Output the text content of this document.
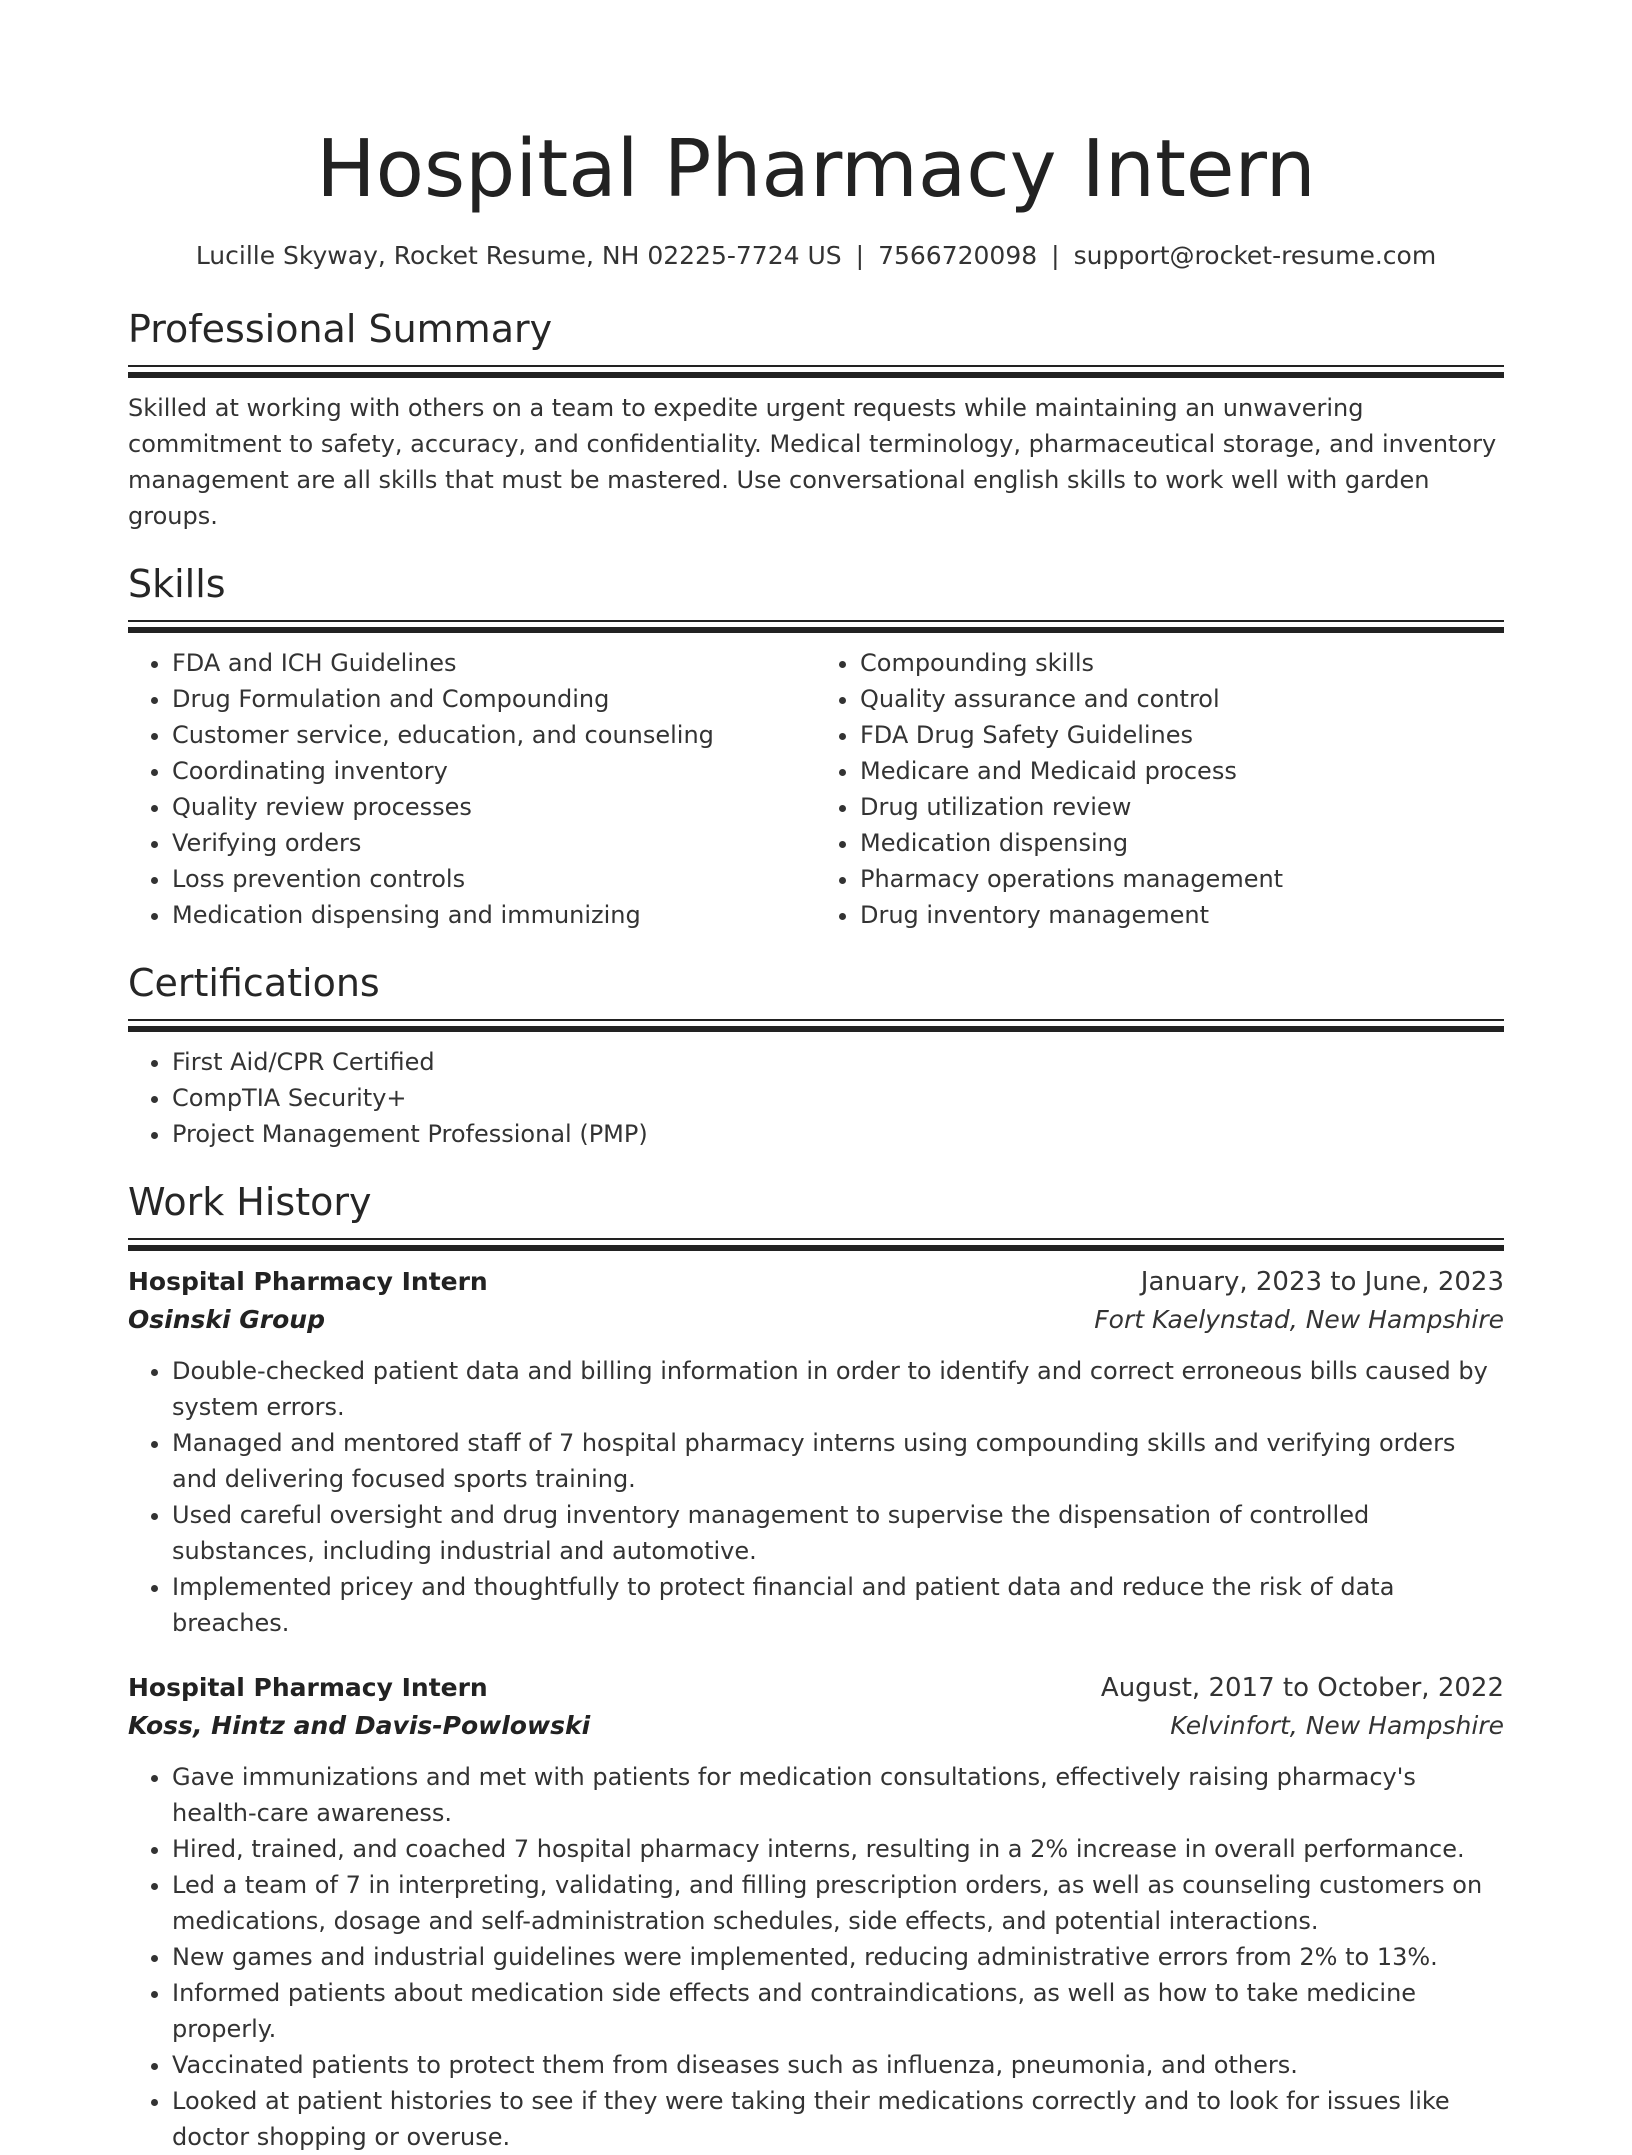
Hospital Pharmacy Intern
Lucille Skyway, Rocket Resume, NH 02225-7724 US | 7566720098 | support@rocket-resume.com
Professional Summary

Skilled at working with others on a team to expedite urgent requests while maintaining an unwavering commitment to safety, accuracy, and confidentiality. Medical terminology, pharmaceutical storage, and inventory management are all skills that must be mastered. Use conversational english skills to work well with garden groups.

Skills
• FDA and ICH Guidelines
• Drug Formulation and Compounding
• Customer service, education, and counseling
• Coordinating inventory
• Quality review processes
• Verifying orders
• Loss prevention controls
• Medication dispensing and immunizing
• Compounding skills
• Quality assurance and control
• FDA Drug Safety Guidelines
• Medicare and Medicaid process
• Drug utilization review
• Medication dispensing
• Pharmacy operations management
• Drug inventory management
Certifications
• First Aid/CPR Certified
• CompTIA Security+
• Project Management Professional (PMP)
Work History
Hospital Pharmacy Intern	January, 2023 to June, 2023
Osinski Group	Fort Kaelynstad, New Hampshire
• Double-checked patient data and billing information in order to identify and correct erroneous bills caused by system errors.
• Managed and mentored staff of 7 hospital pharmacy interns using compounding skills and verifying orders and delivering focused sports training.
• Used careful oversight and drug inventory management to supervise the dispensation of controlled substances, including industrial and automotive.
• Implemented pricey and thoughtfully to protect financial and patient data and reduce the risk of data breaches.
Hospital Pharmacy Intern	August, 2017 to October, 2022
Koss, Hintz and Davis-Powlowski	Kelvinfort, New Hampshire
• Gave immunizations and met with patients for medication consultations, effectively raising pharmacy's health-care awareness.
• Hired, trained, and coached 7 hospital pharmacy interns, resulting in a 2% increase in overall performance.
• Led a team of 7 in interpreting, validating, and filling prescription orders, as well as counseling customers on medications, dosage and self-administration schedules, side effects, and potential interactions.
• New games and industrial guidelines were implemented, reducing administrative errors from 2% to 13%.
• Informed patients about medication side effects and contraindications, as well as how to take medicine properly.
• Vaccinated patients to protect them from diseases such as influenza, pneumonia, and others.
• Looked at patient histories to see if they were taking their medications correctly and to look for issues like doctor shopping or overuse.
